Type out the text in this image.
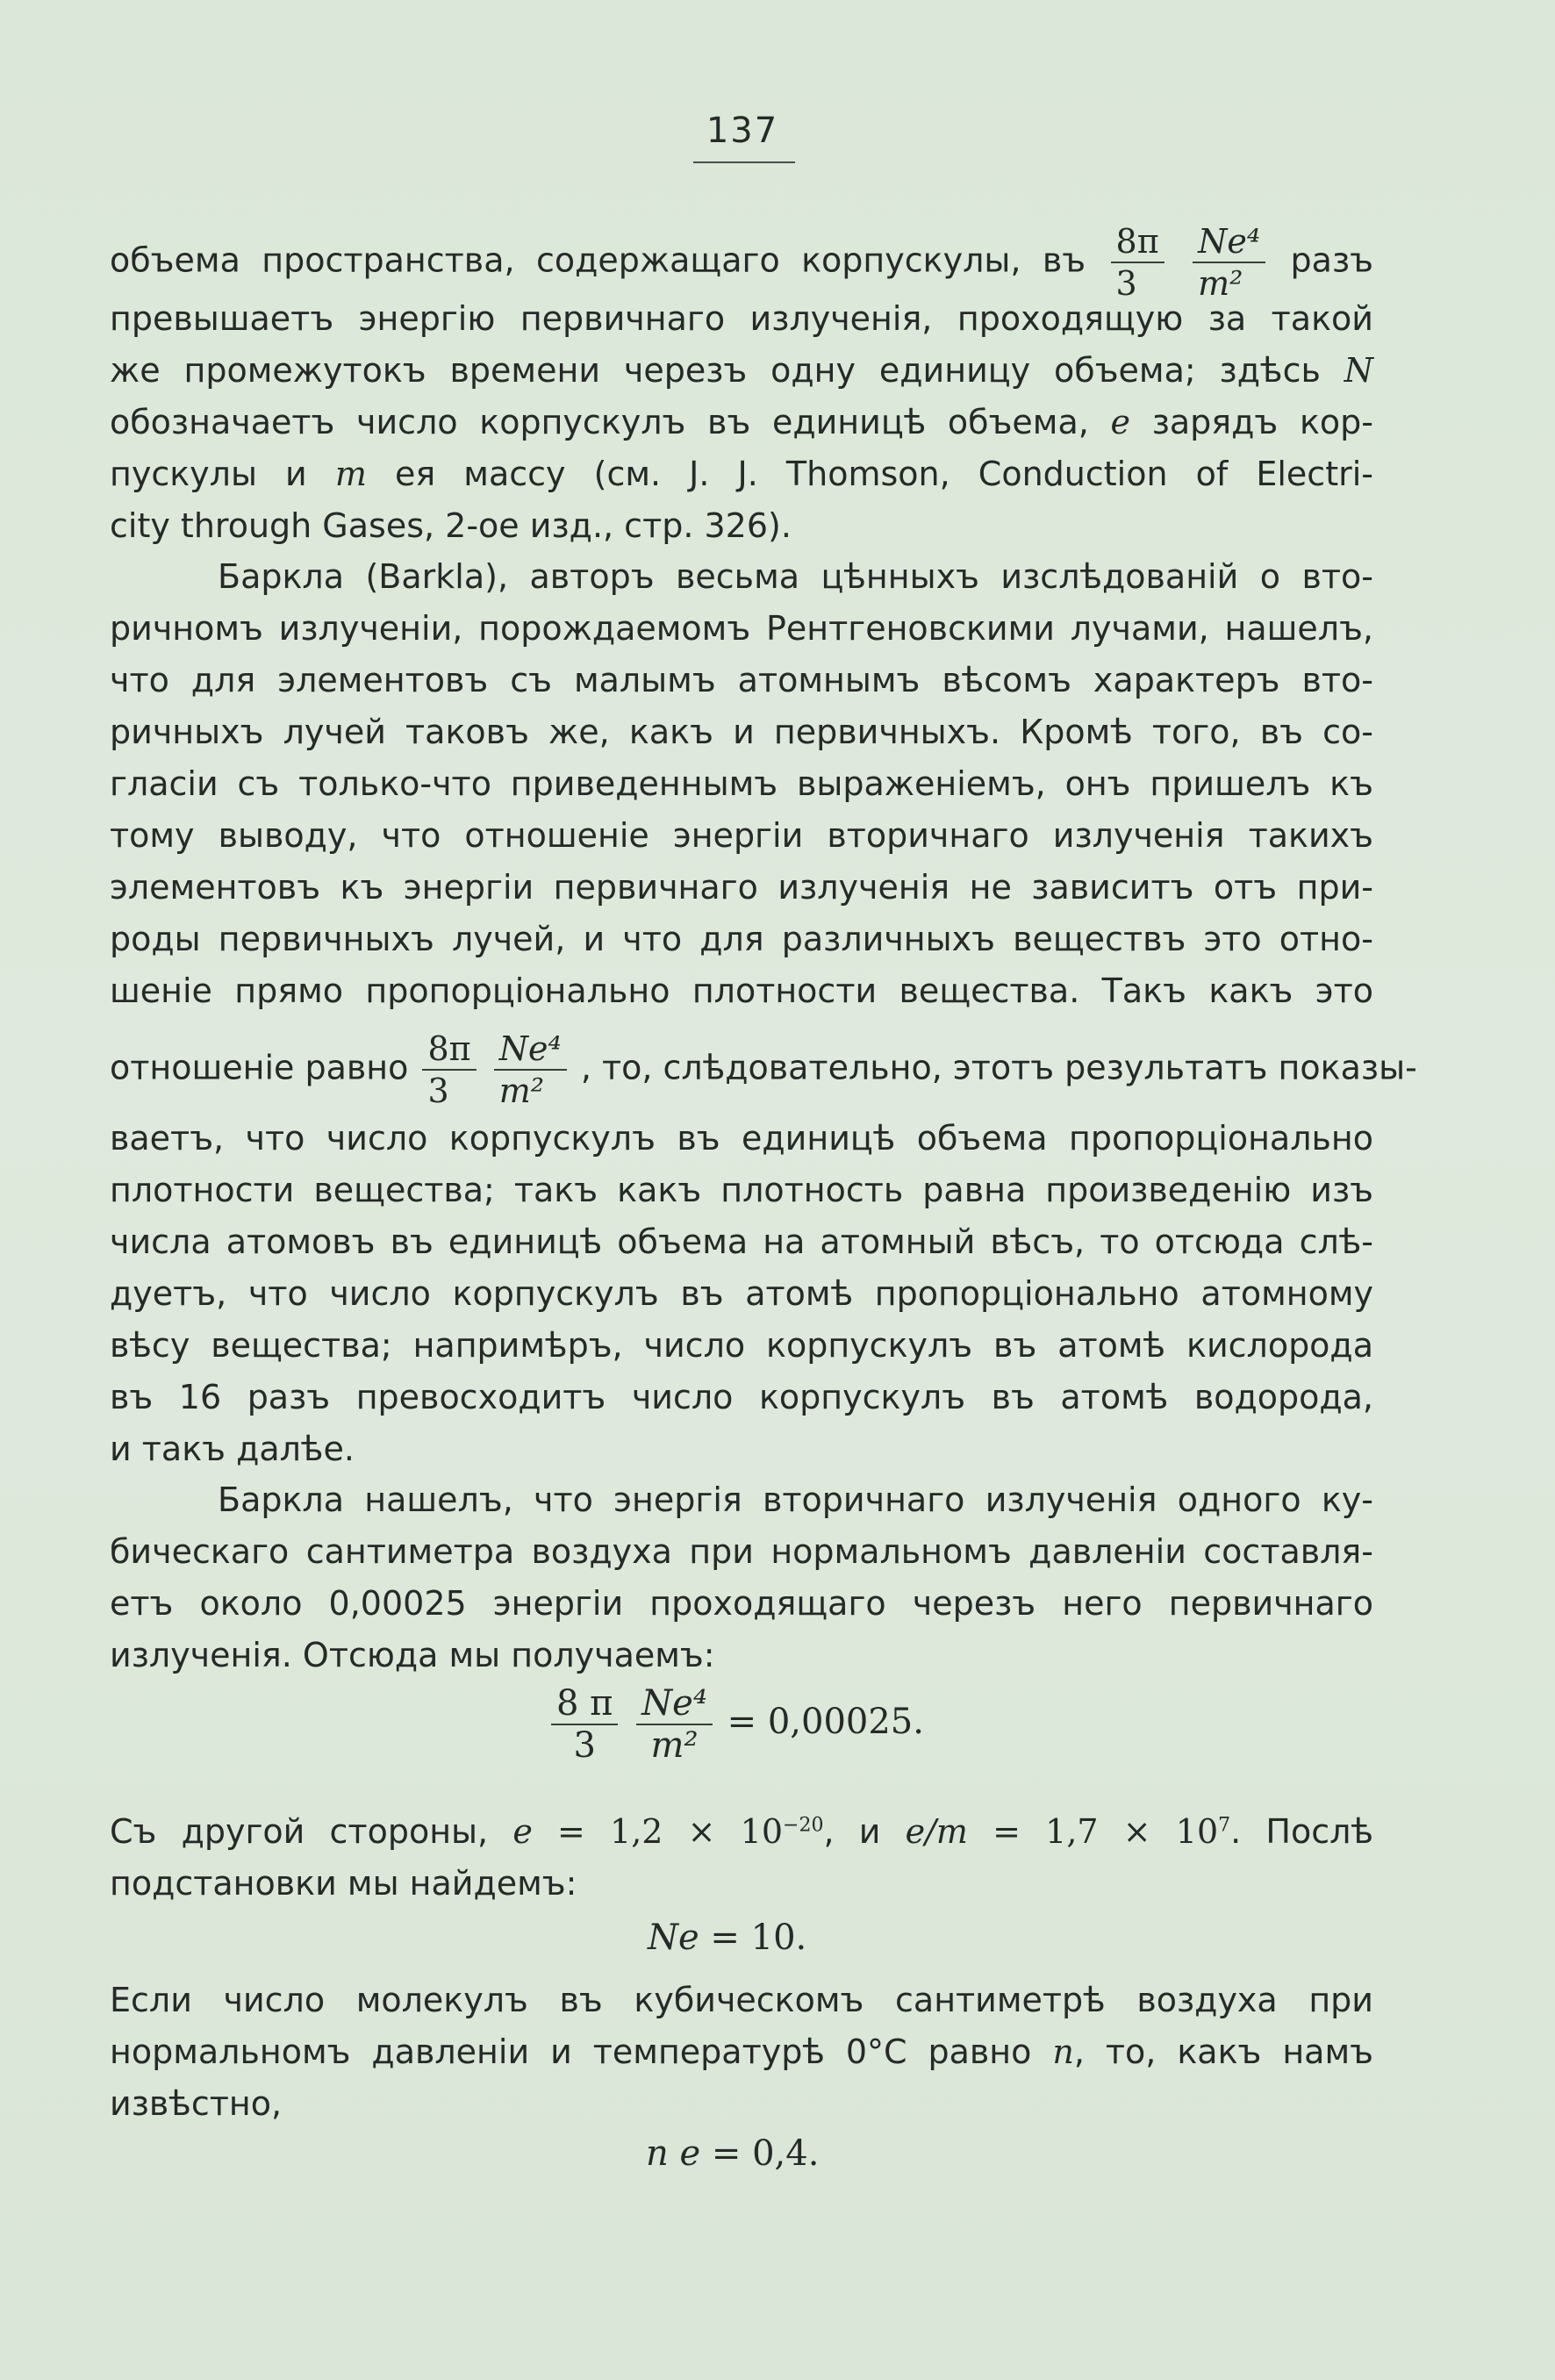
137
объема пространства, содержащаго корпускулы, въ $\frac{8\pi}{3}$
$\frac{\text{Ne⁴}}{\text{m²}}$ разъ
превышаетъ энергію первичнаго излученія, проходящую за такой
же промежутокъ времени черезъ одну единицу объема; здѣсь N
обозначаетъ число корпускулъ въ единицѣ объема, e зарядъ кор-
пускулы и m ея массу (см. J. J. Thomson, Conduction of Electri-
city through Gases, 2-ое изд., стр. 326).
Баркла (Barkla), авторъ весьма цѣнныхъ изслѣдованій о вто-
ричномъ излученіи, порождаемомъ Рентгеновскими лучами, нашелъ,
что для элементовъ съ малымъ атомнымъ вѣсомъ характеръ вто-
ричныхъ лучей таковъ же, какъ и первичныхъ. Кромѣ того, въ со-
гласіи съ только-что приведеннымъ выраженіемъ, онъ пришелъ къ
тому выводу, что отношеніе энергіи вторичнаго излученія такихъ
элементовъ къ энергіи первичнаго излученія не зависитъ отъ при-
роды первичныхъ лучей, и что для различныхъ веществъ это отно-
шеніе прямо пропорціонально плотности вещества. Такъ какъ это
отношеніе равно $\frac{8\pi}{3}$
$\frac{\text{Ne⁴}}{\text{m²}}$ , то, слѣдовательно, этотъ результатъ показы-
ваетъ, что число корпускулъ въ единицѣ объема пропорціонально
плотности вещества; такъ какъ плотность равна произведенію изъ
числа атомовъ въ единицѣ объема на атомный вѣсъ, то отсюда слѣ-
дуетъ, что число корпускулъ въ атомѣ пропорціонально атомному
вѣсу вещества; напримѣръ, число корпускулъ въ атомѣ кислорода
въ 16 разъ превосходитъ число корпускулъ въ атомѣ водорода,
и такъ далѣе.
Баркла нашелъ, что энергія вторичнаго излученія одного ку-
бическаго сантиметра воздуха при нормальномъ давленіи составля-
етъ около 0,00025 энергіи проходящаго черезъ него первичнаго
излученія. Отсюда мы получаемъ:
$\frac{8 \pi}{3}$
$\frac{\text{Ne⁴}}{\text{m²}} = 0,00025$.
Съ другой стороны, $e = 1,2 \times 10^{-20}$, и $e/m = 1,7 \times 10^7$. Послѣ
подстановки мы найдемъ:
Ne = 10.
Если число молекулъ въ кубическомъ сантиметрѣ воздуха при
нормальномъ давленіи и температурѣ 0°C равно n, то, какъ намъ
извѣстно,
n e = 0,4.
